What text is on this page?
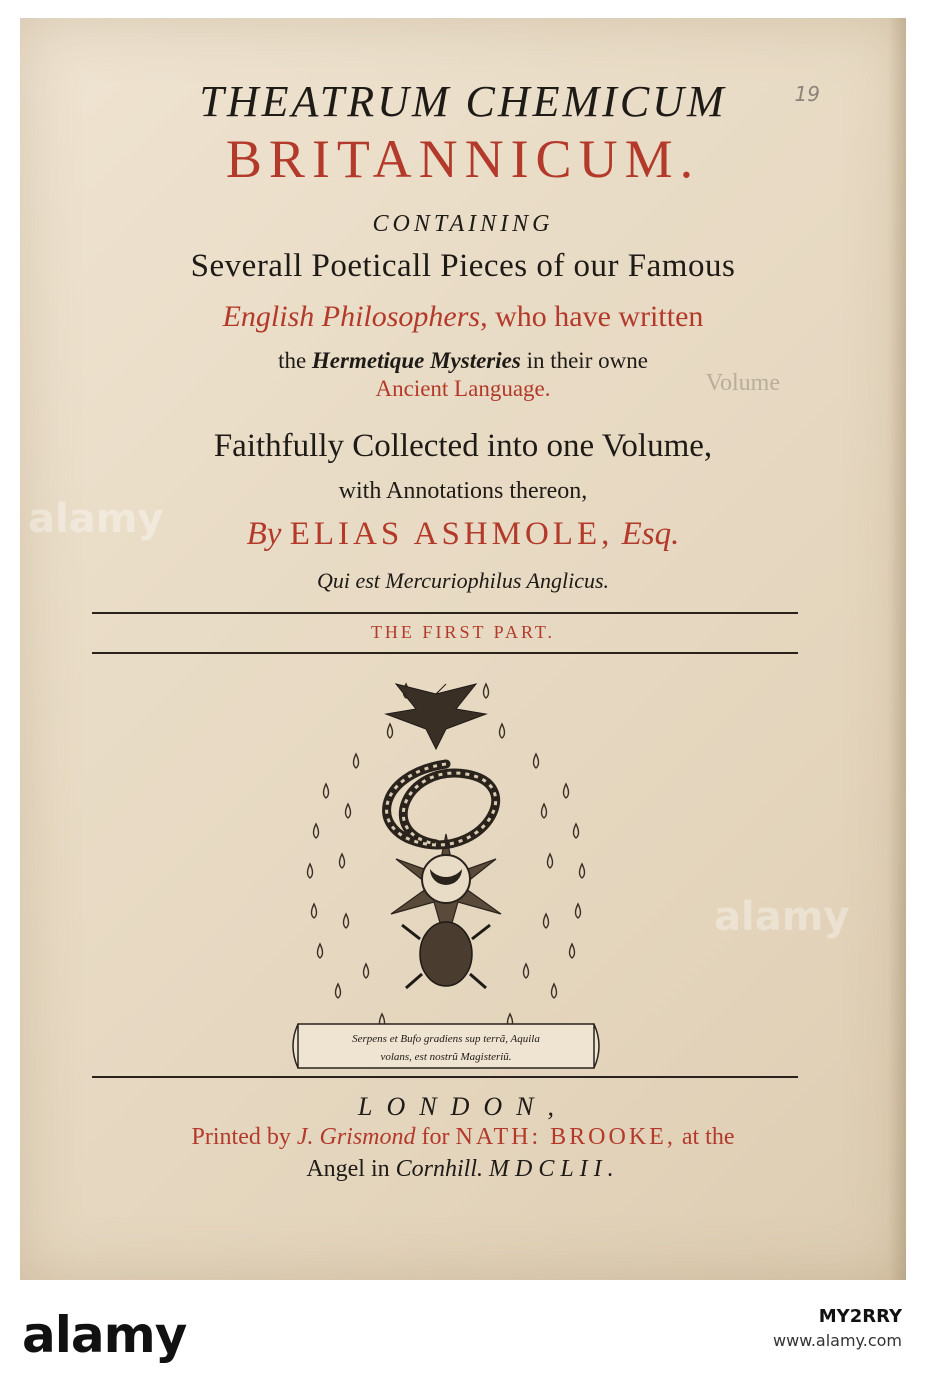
19
Volume
THEATRUM CHEMICUM
BRITANNICUM.
CONTAINING
Severall Poeticall Pieces of our Famous
English Philosophers, who have written
the Hermetique Mysteries in their owne
Ancient Language.
Faithfully Collected into one Volume,
with Annotations thereon,
By ELIAS ASHMOLE, Esq.
Qui est Mercuriophilus Anglicus.
THE FIRST PART.
Serpens et Bufo gradiens sup terrã, Aquila
volans, est nostrũ Magisteriũ.
LONDON,
Printed by J. Grismond for NATH: BROOKE, at the
Angel in Cornhill. MDCLII.
alamy
alamy
alamy	MY2RRY
www.alamy.com
